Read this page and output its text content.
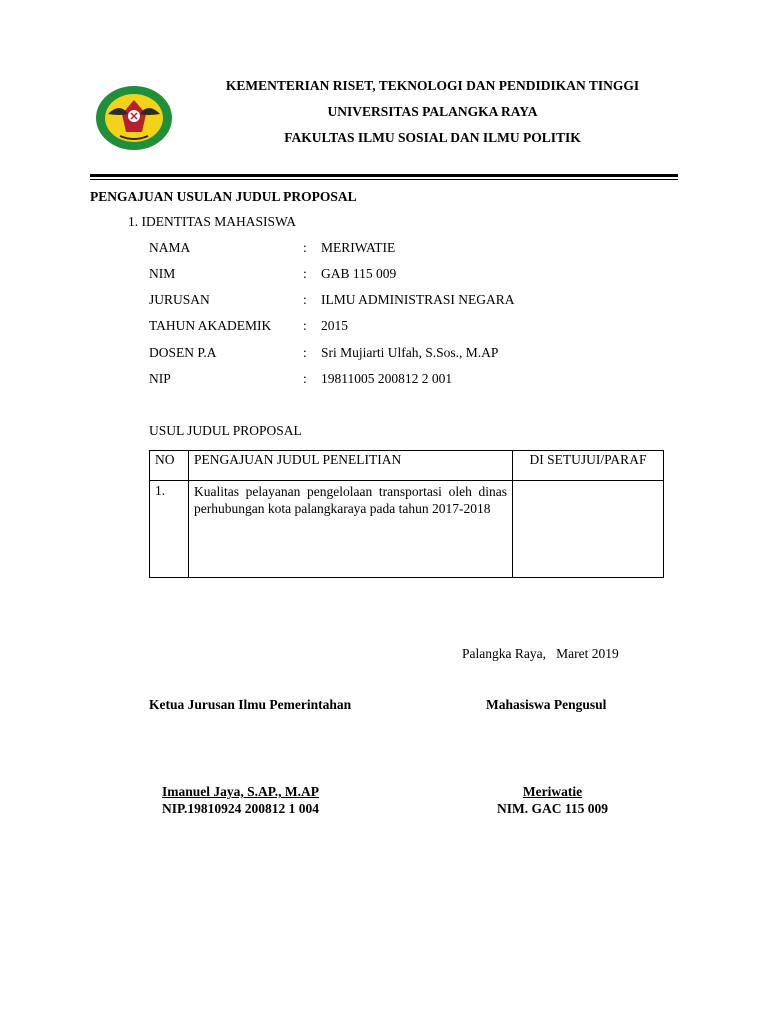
KEMENTERIAN RISET, TEKNOLOGI DAN PENDIDIKAN TINGGI
UNIVERSITAS PALANGKA RAYA
FAKULTAS ILMU SOSIAL DAN ILMU POLITIK
PENGAJUAN USULAN JUDUL PROPOSAL
1. IDENTITAS MAHASISWA
NAMA	: MERIWATIE
NIM	: GAB 115 009
JURUSAN	: ILMU ADMINISTRASI NEGARA
TAHUN AKADEMIK : 2015
DOSEN P.A	: Sri Mujiarti Ulfah, S.Sos., M.AP
NIP	: 19811005 200812 2 001
USUL JUDUL PROPOSAL
NO	PENGAJUAN JUDUL PENELITIAN	DI SETUJUI/PARAF
1.	Kualitas pelayanan pengelolaan transportasi oleh dinas perhubungan kota palangkaraya pada tahun 2017-2018	
Palangka Raya,   Maret 2019
Ketua Jurusan Ilmu Pemerintahan	Mahasiswa Pengusul
Imanuel Jaya, S.AP., M.AP
NIP.19810924 200812 1 004
Meriwatie
NIM. GAC 115 009
